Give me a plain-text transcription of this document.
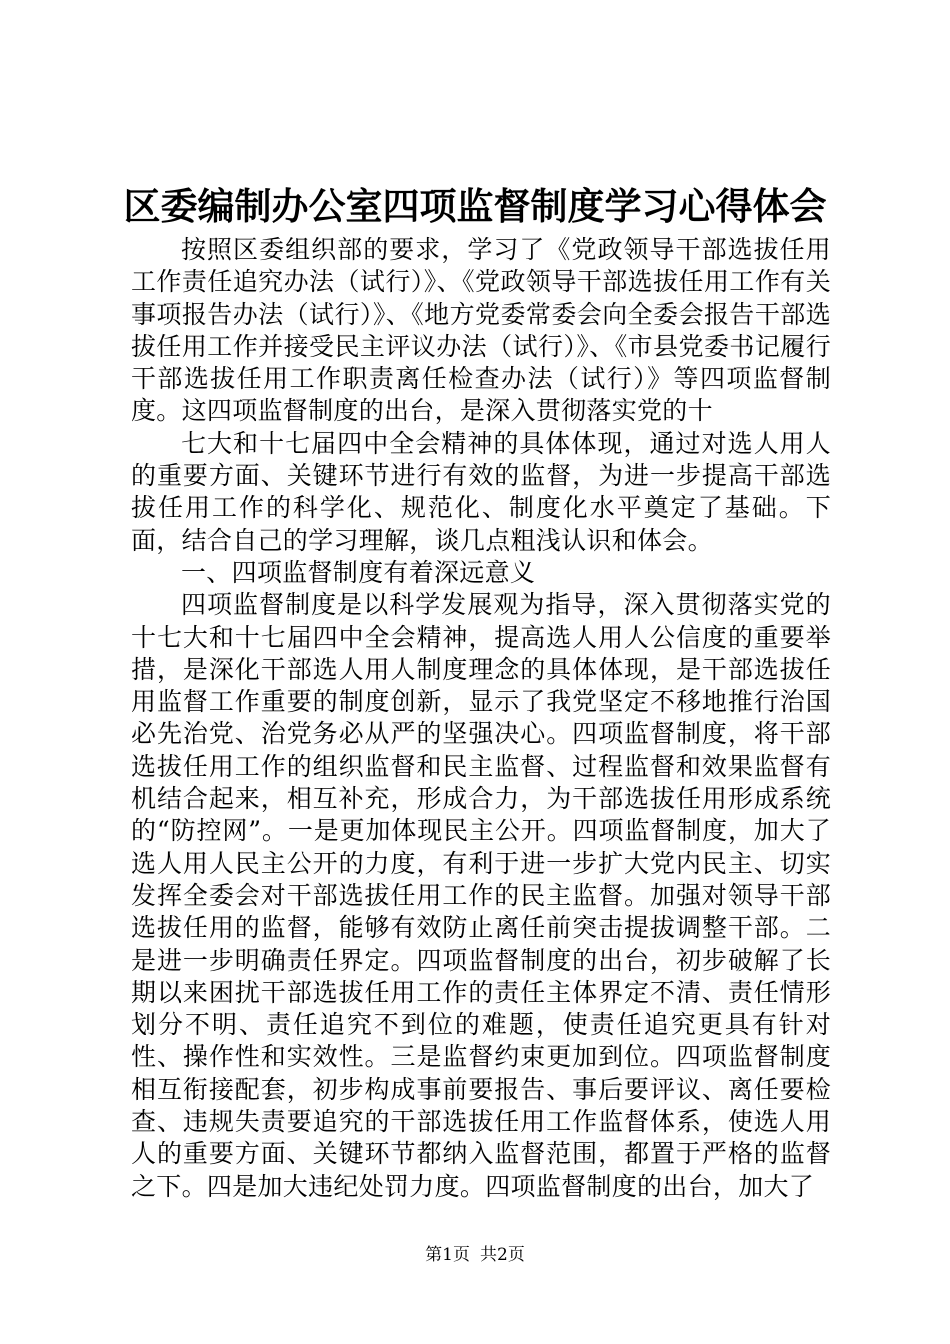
区委编制办公室四项监督制度学习心得体会

按照区委组织部的要求，学习了《党政领导干部选拔任用工作责任追究办法（试行）》、《党政领导干部选拔任用工作有关事项报告办法（试行）》、《地方党委常委会向全委会报告干部选拔任用工作并接受民主评议办法（试行）》、《市县党委书记履行干部选拔任用工作职责离任检查办法（试行）》等四项监督制度。这四项监督制度的出台，是深入贯彻落实党的十

七大和十七届四中全会精神的具体体现，通过对选人用人的重要方面、关键环节进行有效的监督，为进一步提高干部选拔任用工作的科学化、规范化、制度化水平奠定了基础。下面，结合自己的学习理解，谈几点粗浅认识和体会。

一、四项监督制度有着深远意义

四项监督制度是以科学发展观为指导，深入贯彻落实党的十七大和十七届四中全会精神，提高选人用人公信度的重要举措，是深化干部选人用人制度理念的具体体现，是干部选拔任用监督工作重要的制度创新，显示了我党坚定不移地推行治国必先治党、治党务必从严的坚强决心。四项监督制度，将干部选拔任用工作的组织监督和民主监督、过程监督和效果监督有机结合起来，相互补充，形成合力，为干部选拔任用形成系统的“防控网”。一是更加体现民主公开。四项监督制度，加大了选人用人民主公开的力度，有利于进一步扩大党内民主、切实发挥全委会对干部选拔任用工作的民主监督。加强对领导干部选拔任用的监督，能够有效防止离任前突击提拔调整干部。二是进一步明确责任界定。四项监督制度的出台，初步破解了长期以来困扰干部选拔任用工作的责任主体界定不清、责任情形划分不明、责任追究不到位的难题，使责任追究更具有针对性、操作性和实效性。三是监督约束更加到位。四项监督制度相互衔接配套，初步构成事前要报告、事后要评议、离任要检查、违规失责要追究的干部选拔任用工作监督体系，使选人用人的重要方面、关键环节都纳入监督范围，都置于严格的监督之下。四是加大违纪处罚力度。四项监督制度的出台，加大了

第1页 共2页
